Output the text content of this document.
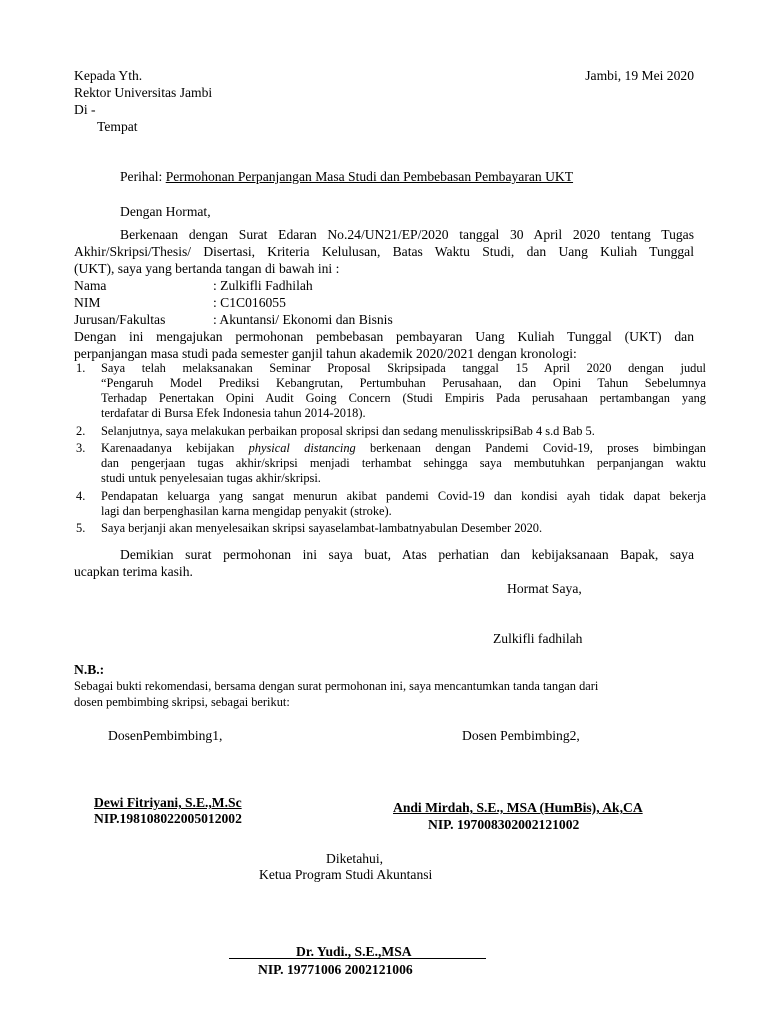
Kepada Yth.
Rektor Universitas Jambi
Di -
Tempat
Jambi, 19 Mei 2020
Perihal: Permohonan Perpanjangan Masa Studi dan Pembebasan Pembayaran UKT
Dengan Hormat,
Berkenaan dengan Surat Edaran No.24/UN21/EP/2020 tanggal 30 April 2020 tentang Tugas
Akhir/Skripsi/Thesis/ Disertasi, Kriteria Kelulusan, Batas Waktu Studi, dan Uang Kuliah Tunggal
(UKT), saya yang bertanda tangan di bawah ini :
Nama	: Zulkifli Fadhilah
NIM	: C1C016055
Jurusan/Fakultas	: Akuntansi/ Ekonomi dan Bisnis
Dengan ini mengajukan permohonan pembebasan pembayaran Uang Kuliah Tunggal (UKT) dan
perpanjangan masa studi pada semester ganjil tahun akademik 2020/2021 dengan kronologi:
1. Saya telah melaksanakan Seminar Proposal Skripsipada tanggal 15 April 2020 dengan judul
“Pengaruh Model Prediksi Kebangrutan, Pertumbuhan Perusahaan, dan Opini Tahun Sebelumnya
Terhadap Penertakan Opini Audit Going Concern (Studi Empiris Pada perusahaan pertambangan yang
terdafatar di Bursa Efek Indonesia tahun 2014-2018).
2. Selanjutnya, saya melakukan perbaikan proposal skripsi dan sedang menulisskripsiBab 4 s.d Bab 5.
3. Karenaadanya kebijakan physical distancing berkenaan dengan Pandemi Covid-19, proses bimbingan
dan pengerjaan tugas akhir/skripsi menjadi terhambat sehingga saya membutuhkan perpanjangan waktu
studi untuk penyelesaian tugas akhir/skripsi.
4. Pendapatan keluarga yang sangat menurun akibat pandemi Covid-19 dan kondisi ayah tidak dapat bekerja
lagi dan berpenghasilan karna mengidap penyakit (stroke).
5. Saya berjanji akan menyelesaikan skripsi sayaselambat-lambatnyabulan Desember 2020.
Demikian surat permohonan ini saya buat, Atas perhatian dan kebijaksanaan Bapak, saya
ucapkan terima kasih.
Hormat Saya,
Zulkifli fadhilah
N.B.:
Sebagai bukti rekomendasi, bersama dengan surat permohonan ini, saya mencantumkan tanda tangan dari
dosen pembimbing skripsi, sebagai berikut:
DosenPembimbing1,	Dosen Pembimbing2,
Dewi Fitriyani, S.E.,M.Sc
NIP.198108022005012002
Andi Mirdah, S.E., MSA (HumBis), Ak,CA
NIP. 197008302002121002
Diketahui,
Ketua Program Studi Akuntansi
Dr. Yudi., S.E.,MSA
NIP. 19771006 2002121006
